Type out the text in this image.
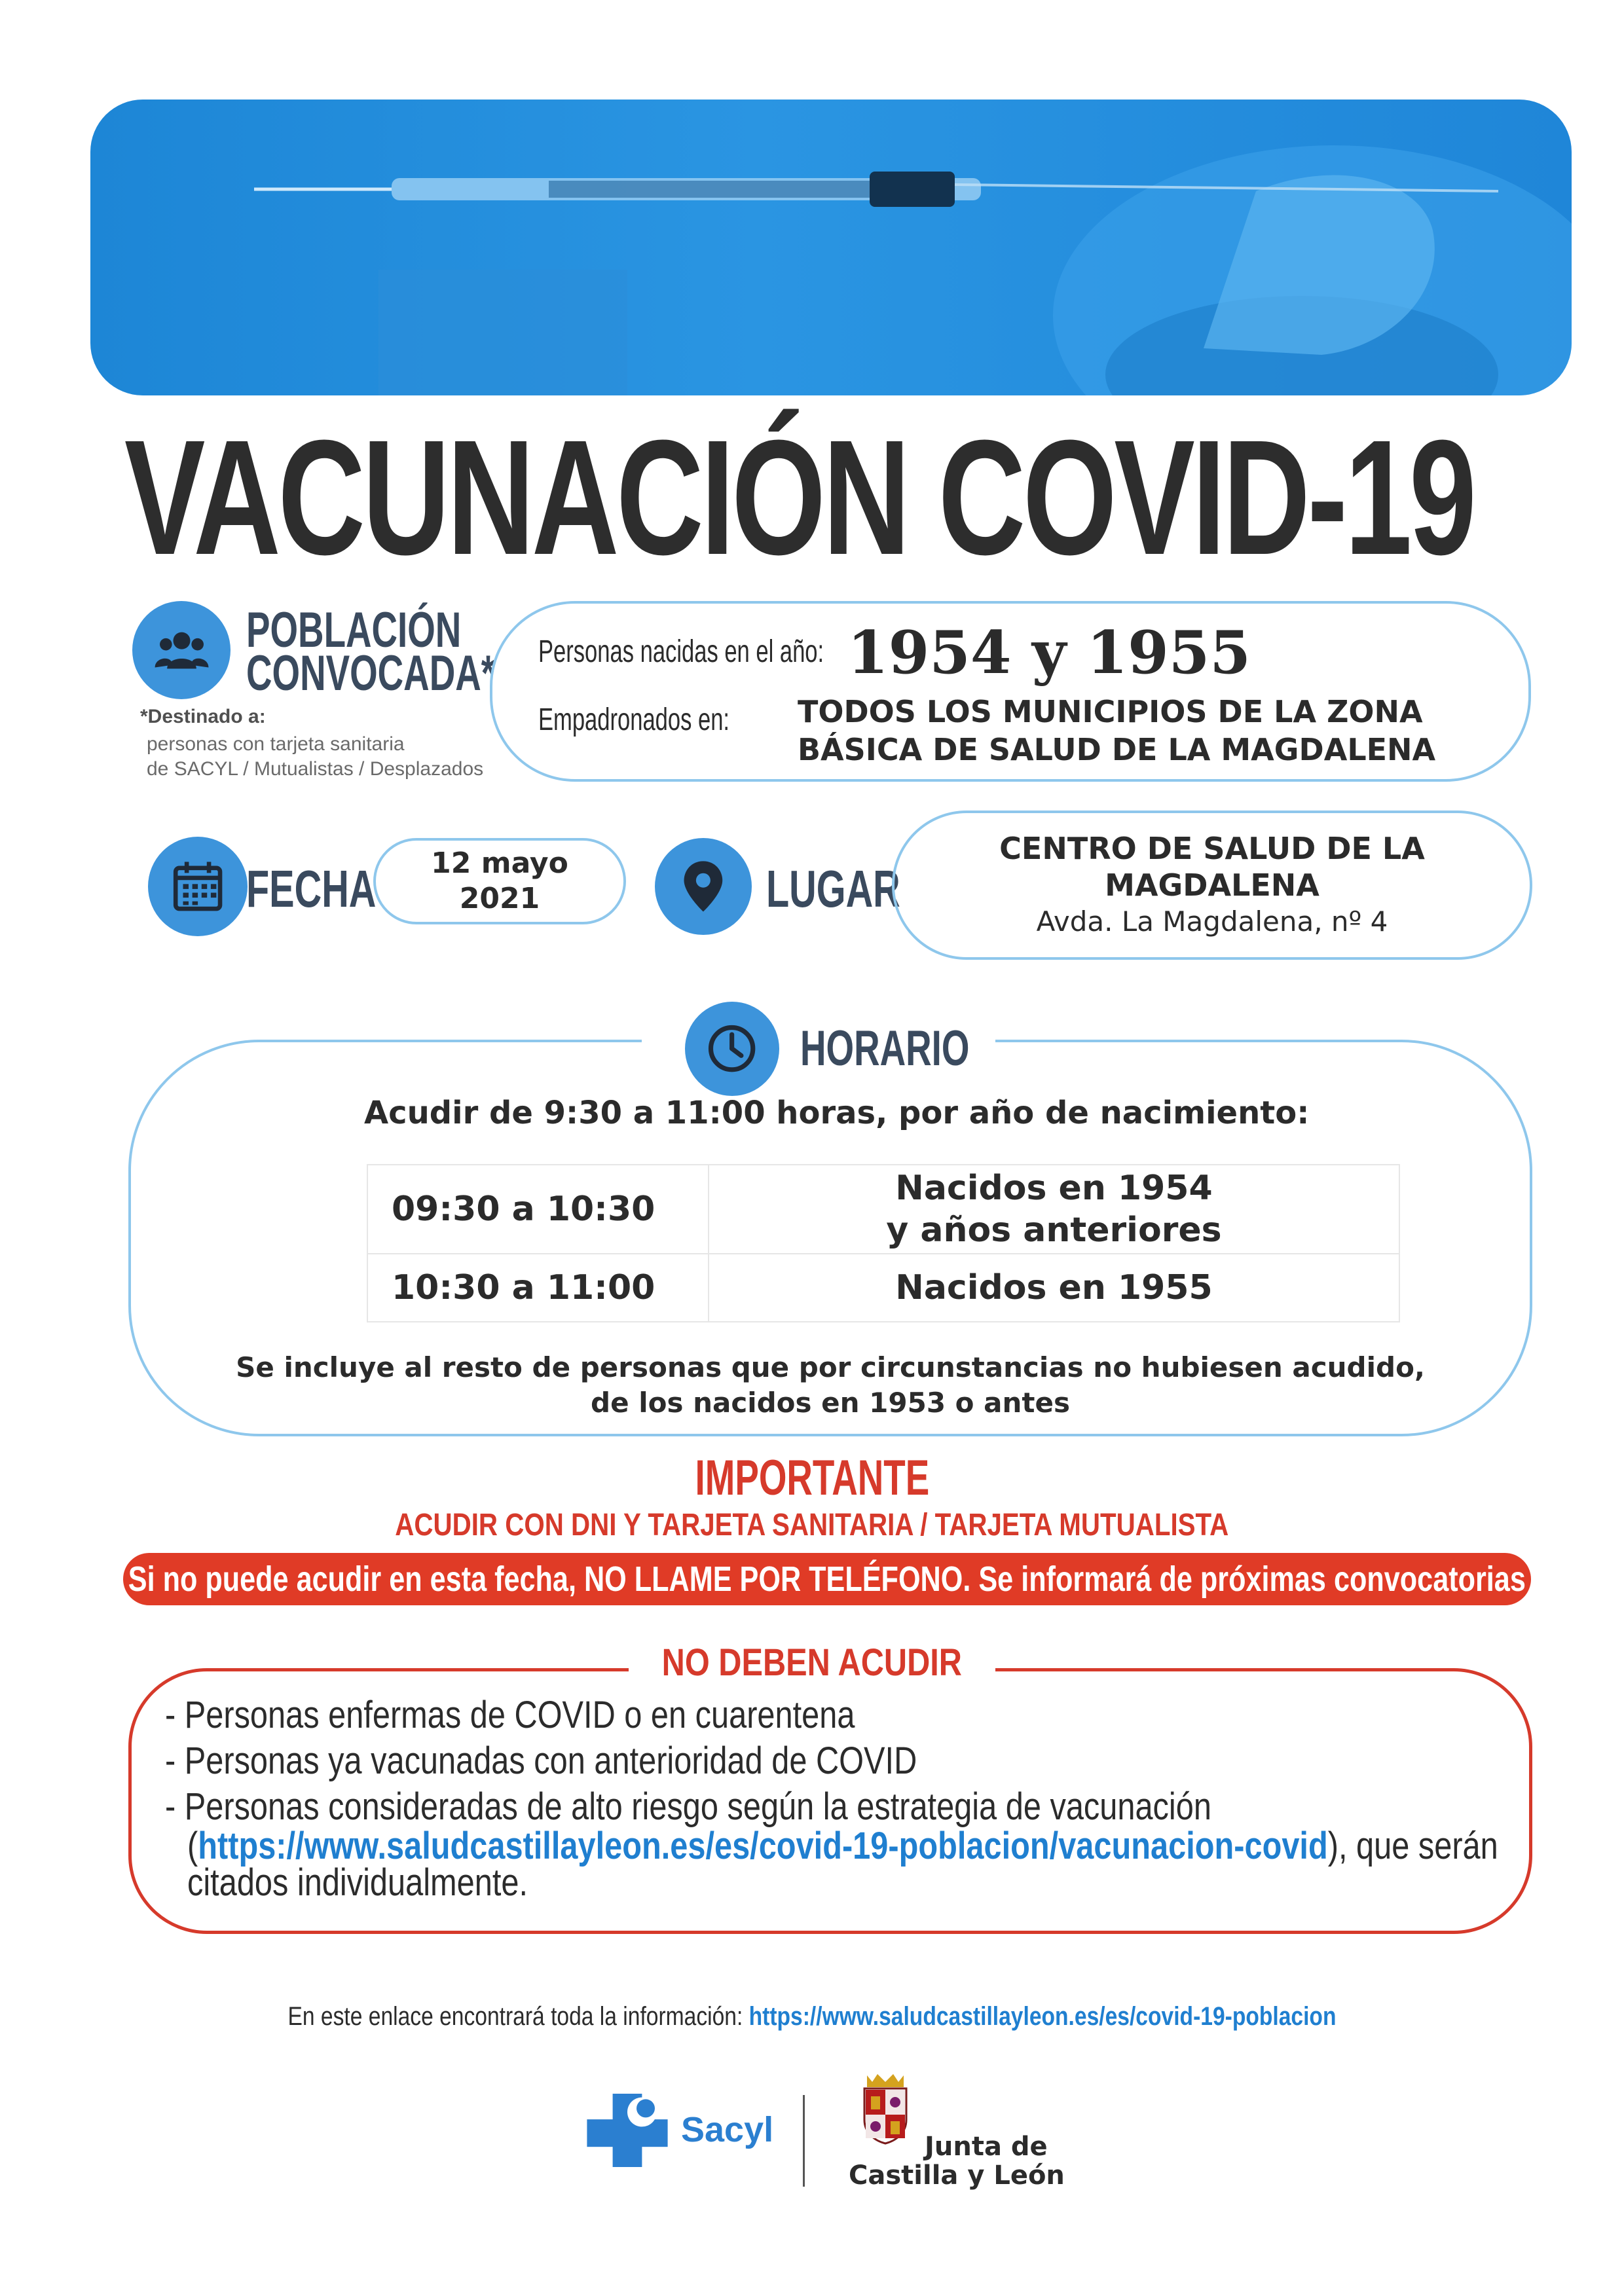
VACUNACIÓN COVID-19
POBLACIÓN
CONVOCADA*
*Destinado a:
personas con tarjeta sanitaria
de SACYL / Mutualistas / Desplazados
Personas nacidas en el año: 1954 y 1955
Empadronados en: TODOS LOS MUNICIPIOS DE LA ZONA
BÁSICA DE SALUD DE LA MAGDALENA
FECHA 12 mayo
2021	LUGAR
CENTRO DE SALUD DE LA
MAGDALENA
Avda. La Magdalena, nº 4
HORARIO
Acudir de 9:30 a 11:00 horas, por año de nacimiento:
09:30 a 10:30	Nacidos en 1954
y años anteriores

10:30 a 11:00	Nacidos en 1955
Se incluye al resto de personas que por circunstancias no hubiesen acudido,
de los nacidos en 1953 o antes
IMPORTANTE
ACUDIR CON DNI Y TARJETA SANITARIA / TARJETA MUTUALISTA
Si no puede acudir en esta fecha, NO LLAME POR TELÉFONO. Se informará de próximas convocatorias
NO DEBEN ACUDIR
- Personas enfermas de COVID o en cuarentena
- Personas ya vacunadas con anterioridad de COVID
- Personas consideradas de alto riesgo según la estrategia de vacunación
(https://www.saludcastillayleon.es/es/covid-19-poblacion/vacunacion-covid), que serán
citados individualmente.
En este enlace encontrará toda la información: https://www.saludcastillayleon.es/es/covid-19-poblacion
Sacyl	Junta de
Castilla y León
